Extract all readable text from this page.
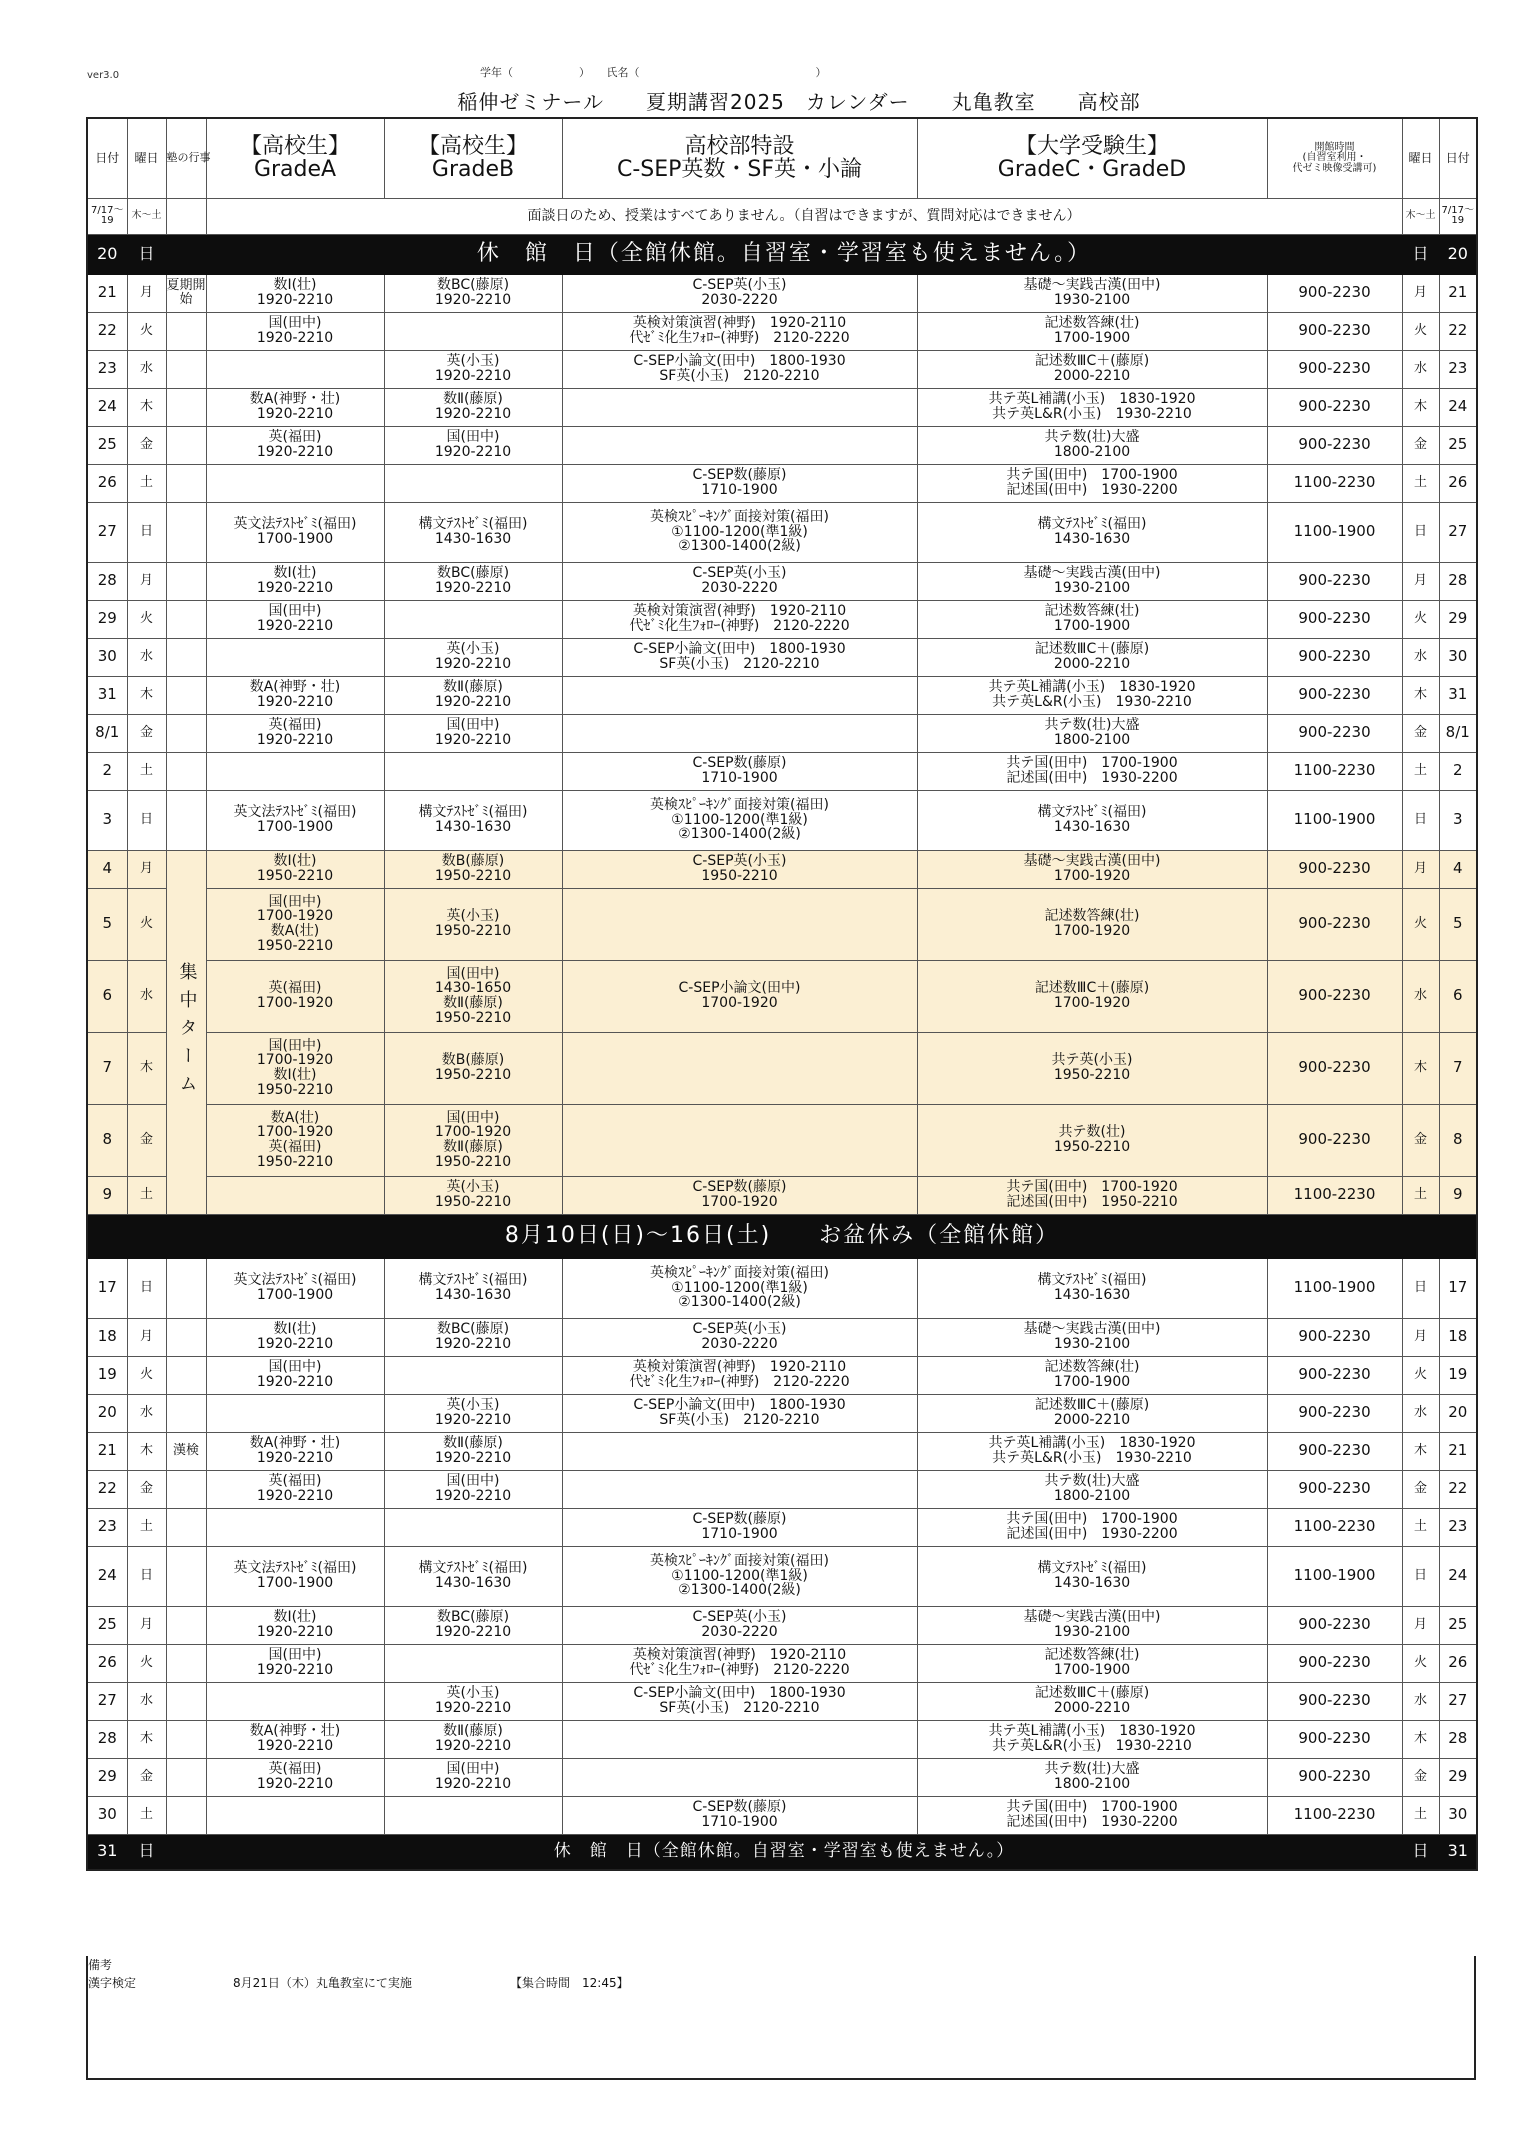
ver3.0	学年（　　　　　　）　　氏名（　　　　　　　　　　　　　　　　）
稲伸ゼミナール　　夏期講習2025　カレンダー　　丸亀教室　　高校部
日付	曜日	塾の行事	【高校生】
GradeA	【高校生】
GradeB	高校部特設
C-SEP英数・SF英・小論	【大学受験生】
GradeC・GradeD	開館時間
(自習室利用・
代ゼミ映像受講可)	曜日	日付
7/17〜19	木〜土		面談日のため、授業はすべてありません。（自習はできますが、質問対応はできません）					木〜土	7/17〜19
20	日	休　館　日（全館休館。自習室・学習室も使えません。）						日	20
21	月	夏期開始	数Ⅰ(壮)
1920-2210	数BC(藤原)
1920-2210	C-SEP英(小玉)
2030-2220	基礎〜実践古漢(田中)
1930-2100	900-2230	月	21
22	火		国(田中)
1920-2210		英検対策演習(神野)　1920-2110
代ｾﾞﾐ化生ﾌｫﾛｰ(神野)　2120-2220	記述数答練(壮)
1700-1900	900-2230	火	22
23	水			英(小玉)
1920-2210	C-SEP小論文(田中)　1800-1930
SF英(小玉)　2120-2210	記述数ⅢC＋(藤原)
2000-2210	900-2230	水	23
24	木		数A(神野・壮)
1920-2210	数Ⅱ(藤原)
1920-2210		共テ英L補講(小玉)　1830-1920
共テ英L&R(小玉)　1930-2210	900-2230	木	24
25	金		英(福田)
1920-2210	国(田中)
1920-2210		共テ数(壮)大盛
1800-2100	900-2230	金	25
26	土				C-SEP数(藤原)
1710-1900	共テ国(田中)　1700-1900
記述国(田中)　1930-2200	1100-2230	土	26
27	日		英文法ﾃｽﾄｾﾞﾐ(福田)
1700-1900	構文ﾃｽﾄｾﾞﾐ(福田)
1430-1630	英検ｽﾋﾟｰｷﾝｸﾞ面接対策(福田)
①1100-1200(準1級)
②1300-1400(2級)	構文ﾃｽﾄｾﾞﾐ(福田)
1430-1630	1100-1900	日	27
28	月		数Ⅰ(壮)
1920-2210	数BC(藤原)
1920-2210	C-SEP英(小玉)
2030-2220	基礎〜実践古漢(田中)
1930-2100	900-2230	月	28
29	火		国(田中)
1920-2210		英検対策演習(神野)　1920-2110
代ｾﾞﾐ化生ﾌｫﾛｰ(神野)　2120-2220	記述数答練(壮)
1700-1900	900-2230	火	29
30	水			英(小玉)
1920-2210	C-SEP小論文(田中)　1800-1930
SF英(小玉)　2120-2210	記述数ⅢC＋(藤原)
2000-2210	900-2230	水	30
31	木		数A(神野・壮)
1920-2210	数Ⅱ(藤原)
1920-2210		共テ英L補講(小玉)　1830-1920
共テ英L&R(小玉)　1930-2210	900-2230	木	31
8/1	金		英(福田)
1920-2210	国(田中)
1920-2210		共テ数(壮)大盛
1800-2100	900-2230	金	8/1
2	土				C-SEP数(藤原)
1710-1900	共テ国(田中)　1700-1900
記述国(田中)　1930-2200	1100-2230	土	2
3	日		英文法ﾃｽﾄｾﾞﾐ(福田)
1700-1900	構文ﾃｽﾄｾﾞﾐ(福田)
1430-1630	英検ｽﾋﾟｰｷﾝｸﾞ面接対策(福田)
①1100-1200(準1級)
②1300-1400(2級)	構文ﾃｽﾄｾﾞﾐ(福田)
1430-1630	1100-1900	日	3
4	月	集中ターム	数Ⅰ(壮)
1950-2210	数B(藤原)
1950-2210	C-SEP英(小玉)
1950-2210	基礎〜実践古漢(田中)
1700-1920	900-2230	月	4
5	火		国(田中)
1700-1920
数A(壮)
1950-2210	英(小玉)
1950-2210		記述数答練(壮)
1700-1920	900-2230	火	5
6	水		英(福田)
1700-1920	国(田中)
1430-1650
数Ⅱ(藤原)
1950-2210	C-SEP小論文(田中)
1700-1920	記述数ⅢC＋(藤原)
1700-1920	900-2230	水	6
7	木		国(田中)
1700-1920
数Ⅰ(壮)
1950-2210	数B(藤原)
1950-2210		共テ英(小玉)
1950-2210	900-2230	木	7
8	金		数A(壮)
1700-1920
英(福田)
1950-2210	国(田中)
1700-1920
数Ⅱ(藤原)
1950-2210		共テ数(壮)
1950-2210	900-2230	金	8
9	土			英(小玉)
1950-2210	C-SEP数(藤原)
1700-1920	共テ国(田中)　1700-1920
記述国(田中)　1950-2210	1100-2230	土	9
8月10日(日)〜16日(土)　　お盆休み（全館休館）									
17	日		英文法ﾃｽﾄｾﾞﾐ(福田)
1700-1900	構文ﾃｽﾄｾﾞﾐ(福田)
1430-1630	英検ｽﾋﾟｰｷﾝｸﾞ面接対策(福田)
①1100-1200(準1級)
②1300-1400(2級)	構文ﾃｽﾄｾﾞﾐ(福田)
1430-1630	1100-1900	日	17
18	月		数Ⅰ(壮)
1920-2210	数BC(藤原)
1920-2210	C-SEP英(小玉)
2030-2220	基礎〜実践古漢(田中)
1930-2100	900-2230	月	18
19	火		国(田中)
1920-2210		英検対策演習(神野)　1920-2110
代ｾﾞﾐ化生ﾌｫﾛｰ(神野)　2120-2220	記述数答練(壮)
1700-1900	900-2230	火	19
20	水			英(小玉)
1920-2210	C-SEP小論文(田中)　1800-1930
SF英(小玉)　2120-2210	記述数ⅢC＋(藤原)
2000-2210	900-2230	水	20
21	木	漢検	数A(神野・壮)
1920-2210	数Ⅱ(藤原)
1920-2210		共テ英L補講(小玉)　1830-1920
共テ英L&R(小玉)　1930-2210	900-2230	木	21
22	金		英(福田)
1920-2210	国(田中)
1920-2210		共テ数(壮)大盛
1800-2100	900-2230	金	22
23	土				C-SEP数(藤原)
1710-1900	共テ国(田中)　1700-1900
記述国(田中)　1930-2200	1100-2230	土	23
24	日		英文法ﾃｽﾄｾﾞﾐ(福田)
1700-1900	構文ﾃｽﾄｾﾞﾐ(福田)
1430-1630	英検ｽﾋﾟｰｷﾝｸﾞ面接対策(福田)
①1100-1200(準1級)
②1300-1400(2級)	構文ﾃｽﾄｾﾞﾐ(福田)
1430-1630	1100-1900	日	24
25	月		数Ⅰ(壮)
1920-2210	数BC(藤原)
1920-2210	C-SEP英(小玉)
2030-2220	基礎〜実践古漢(田中)
1930-2100	900-2230	月	25
26	火		国(田中)
1920-2210		英検対策演習(神野)　1920-2110
代ｾﾞﾐ化生ﾌｫﾛｰ(神野)　2120-2220	記述数答練(壮)
1700-1900	900-2230	火	26
27	水			英(小玉)
1920-2210	C-SEP小論文(田中)　1800-1930
SF英(小玉)　2120-2210	記述数ⅢC＋(藤原)
2000-2210	900-2230	水	27
28	木		数A(神野・壮)
1920-2210	数Ⅱ(藤原)
1920-2210		共テ英L補講(小玉)　1830-1920
共テ英L&R(小玉)　1930-2210	900-2230	木	28
29	金		英(福田)
1920-2210	国(田中)
1920-2210		共テ数(壮)大盛
1800-2100	900-2230	金	29
30	土				C-SEP数(藤原)
1710-1900	共テ国(田中)　1700-1900
記述国(田中)　1930-2200	1100-2230	土	30
31	日	休　館　日（全館休館。自習室・学習室も使えません。）						日	31
備考
漢字検定	8月21日（木）丸亀教室にて実施	【集合時間　12:45】
